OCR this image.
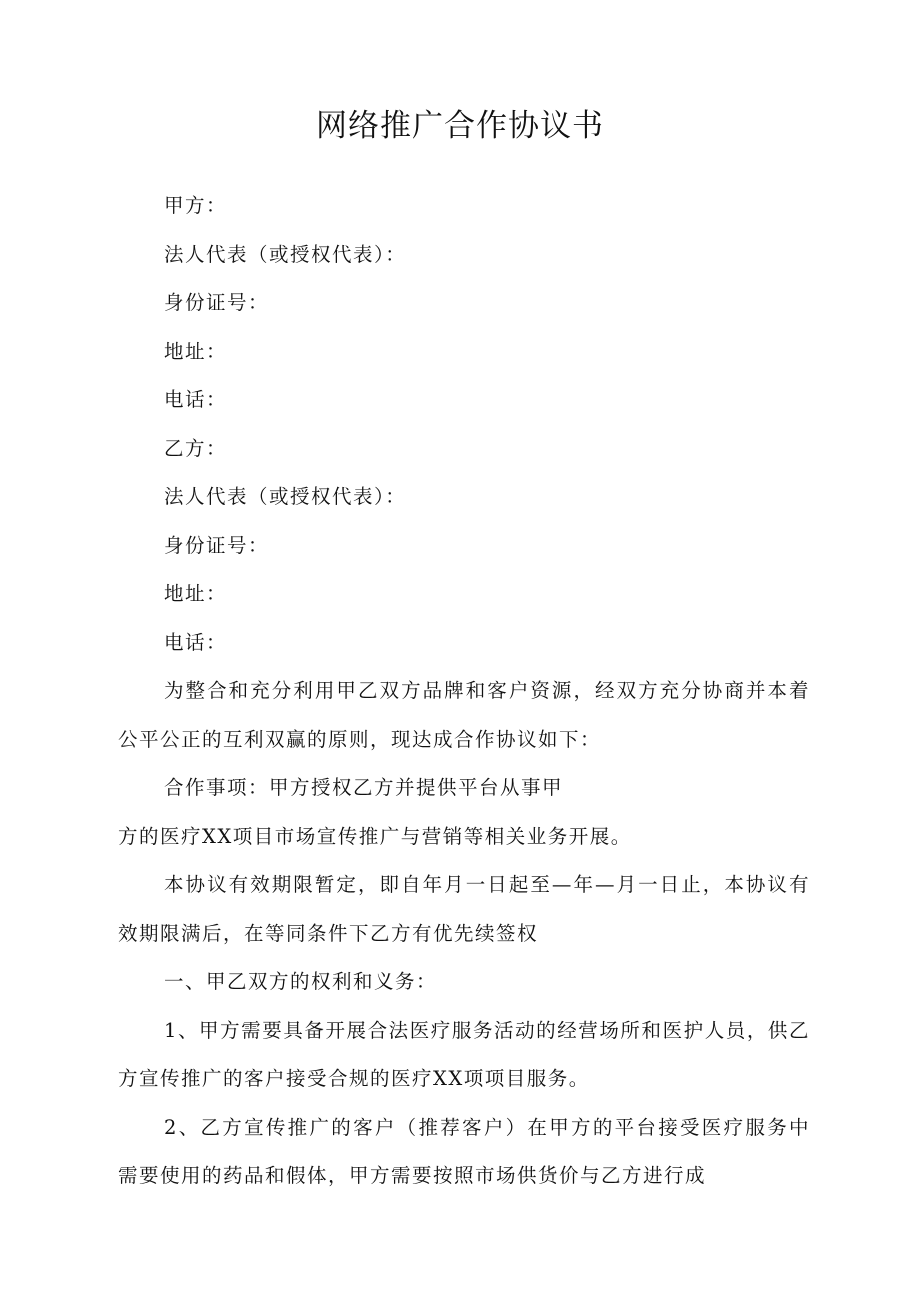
网络推广合作协议书
甲方：
法人代表（或授权代表）：
身份证号：
地址：
电话：
乙方：
法人代表（或授权代表）：
身份证号：
地址：
电话：
为整合和充分利用甲乙双方品牌和客户资源，经双方充分协商并本着
公平公正的互利双赢的原则，现达成合作协议如下：
合作事项：甲方授权乙方并提供平台从事甲
方的医疗XX项目市场宣传推广与营销等相关业务开展。
本协议有效期限暂定，即自年月一日起至—年—月一日止，本协议有
效期限满后，在等同条件下乙方有优先续签权
一、甲乙双方的权利和义务：
1、甲方需要具备开展合法医疗服务活动的经营场所和医护人员，供乙
方宣传推广的客户接受合规的医疗XX项项目服务。
2、乙方宣传推广的客户（推荐客户）在甲方的平台接受医疗服务中
需要使用的药品和假体，甲方需要按照市场供货价与乙方进行成
